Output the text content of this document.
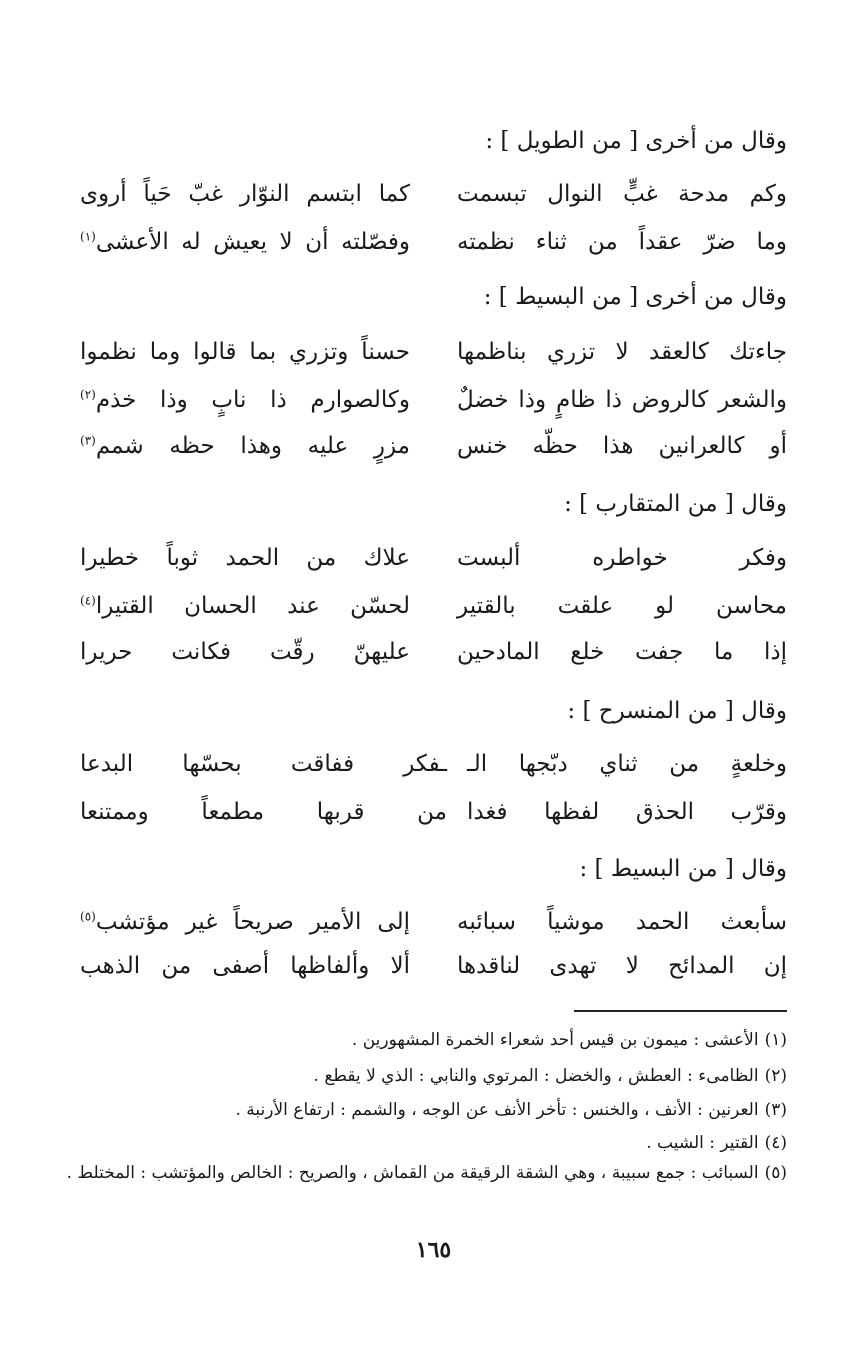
وقال من أخرى [ من الطويل ] :
وكم مدحة غبٍّ النوال تبسمت
كما ابتسم النوّار غبّ حَياً أروى
وما ضرّ عقداً من ثناء نظمته
وفصّلته أن لا يعيش له الأعشى$^{(١)}$
وقال من أخرى [ من البسيط ] :
جاءتك كالعقد لا تزري بناظمها
حسناً وتزري بما قالوا وما نظموا
والشعر كالروض ذا ظامٍ وذا خضلٌ
وكالصوارم ذا نابٍ وذا خذم$^{(٢)}$
أو كالعرانين هذا حظّه خنس
مزرٍ عليه وهذا حظه شمم$^{(٣)}$
وقال [ من المتقارب ] :
وفكر خواطره ألبست
علاك من الحمد ثوباً خطيرا
محاسن لو علقت بالقتير
لحسّن عند الحسان القتيرا$^{(٤)}$
إذا ما جفت خلع المادحين
عليهنّ رقّت فكانت حريرا
وقال [ من المنسرح ] :
وخلعةٍ من ثناي دبّجها الـ
ـفكر ففاقت بحسّها البدعا
وقرّب الحذق لفظها فغدا
من قربها مطمعاً وممتنعا
وقال [ من البسيط ] :
سأبعث الحمد موشياً سبائبه
إلى الأمير صريحاً غير مؤتشب$^{(٥)}$
إن المدائح لا تهدى لناقدها
ألا وألفاظها أصفى من الذهب
(١)الأعشى : ميمون بن قيس أحد شعراء الخمرة المشهورين .
(٢)الظامىء : العطش ، والخضل : المرتوي والنابي : الذي لا يقطع .
(٣)العرنين : الأنف ، والخنس : تأخر الأنف عن الوجه ، والشمم : ارتفاع الأرنبة .
(٤)القتير : الشيب .
(٥)السبائب : جمع سبيبة ، وهي الشقة الرقيقة من القماش ، والصريح : الخالص والمؤتشب : المختلط .
١٦٥
